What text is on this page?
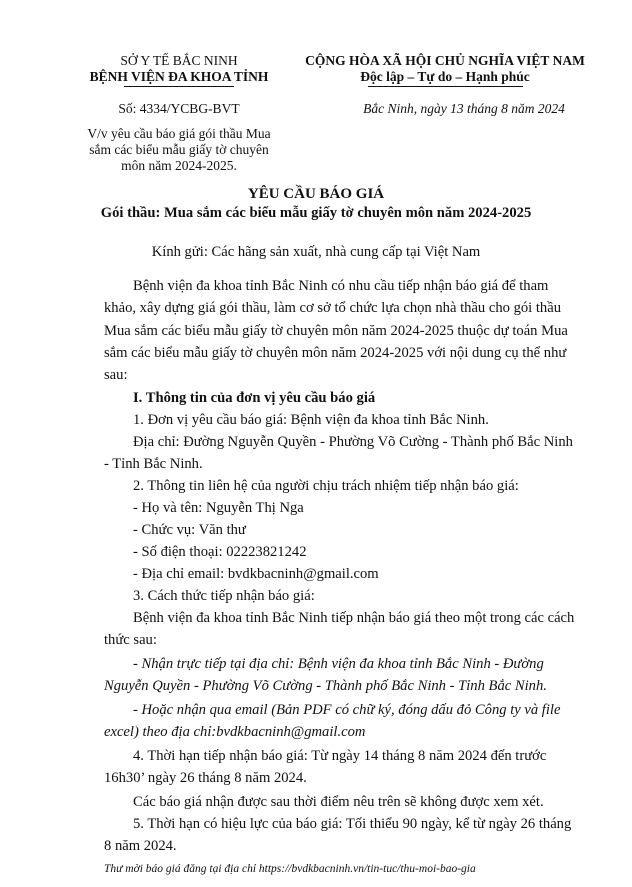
SỞ Y TẾ BẮC NINH
BỆNH VIỆN ĐA KHOA TỈNH
Số: 4334/YCBG-BVT
V/v yêu cầu báo giá gói thầu Mua
sắm các biểu mẫu giấy tờ chuyên
môn năm 2024-2025.
CỘNG HÒA XÃ HỘI CHỦ NGHĨA VIỆT NAM
Độc lập – Tự do – Hạnh phúc
Bắc Ninh, ngày 13 tháng 8 năm 2024
YÊU CẦU BÁO GIÁ
Gói thầu: Mua sắm các biểu mẫu giấy tờ chuyên môn năm 2024-2025
Kính gửi: Các hãng sản xuất, nhà cung cấp tại Việt Nam
Bệnh viện đa khoa tỉnh Bắc Ninh có nhu cầu tiếp nhận báo giá để tham
khảo, xây dựng giá gói thầu, làm cơ sở tổ chức lựa chọn nhà thầu cho gói thầu
Mua sắm các biểu mẫu giấy tờ chuyên môn năm 2024-2025 thuộc dự toán Mua
sắm các biểu mẫu giấy tờ chuyên môn năm 2024-2025 với nội dung cụ thể như
sau:
I. Thông tin của đơn vị yêu cầu báo giá
1. Đơn vị yêu cầu báo giá: Bệnh viện đa khoa tỉnh Bắc Ninh.
Địa chỉ: Đường Nguyễn Quyền - Phường Võ Cường - Thành phố Bắc Ninh
- Tỉnh Bắc Ninh.
2. Thông tin liên hệ của người chịu trách nhiệm tiếp nhận báo giá:
- Họ và tên: Nguyễn Thị Nga
- Chức vụ: Văn thư
- Số điện thoại: 02223821242
- Địa chỉ email: bvdkbacninh@gmail.com
3. Cách thức tiếp nhận báo giá:
Bệnh viện đa khoa tỉnh Bắc Ninh tiếp nhận báo giá theo một trong các cách
thức sau:
- Nhận trực tiếp tại địa chỉ: Bệnh viện đa khoa tỉnh Bắc Ninh - Đường
Nguyễn Quyền - Phường Võ Cường - Thành phố Bắc Ninh - Tỉnh Bắc Ninh.
- Hoặc nhận qua email (Bản PDF có chữ ký, đóng dấu đỏ Công ty và file
excel) theo địa chỉ:bvdkbacninh@gmail.com
4. Thời hạn tiếp nhận báo giá: Từ ngày 14 tháng 8 năm 2024 đến trước
16h30’ ngày 26 tháng 8 năm 2024.
Các báo giá nhận được sau thời điểm nêu trên sẽ không được xem xét.
5. Thời hạn có hiệu lực của báo giá: Tối thiểu 90 ngày, kể từ ngày 26 tháng
8 năm 2024.
Thư mời báo giá đăng tại địa chỉ https://bvdkbacninh.vn/tin-tuc/thu-moi-bao-gia
